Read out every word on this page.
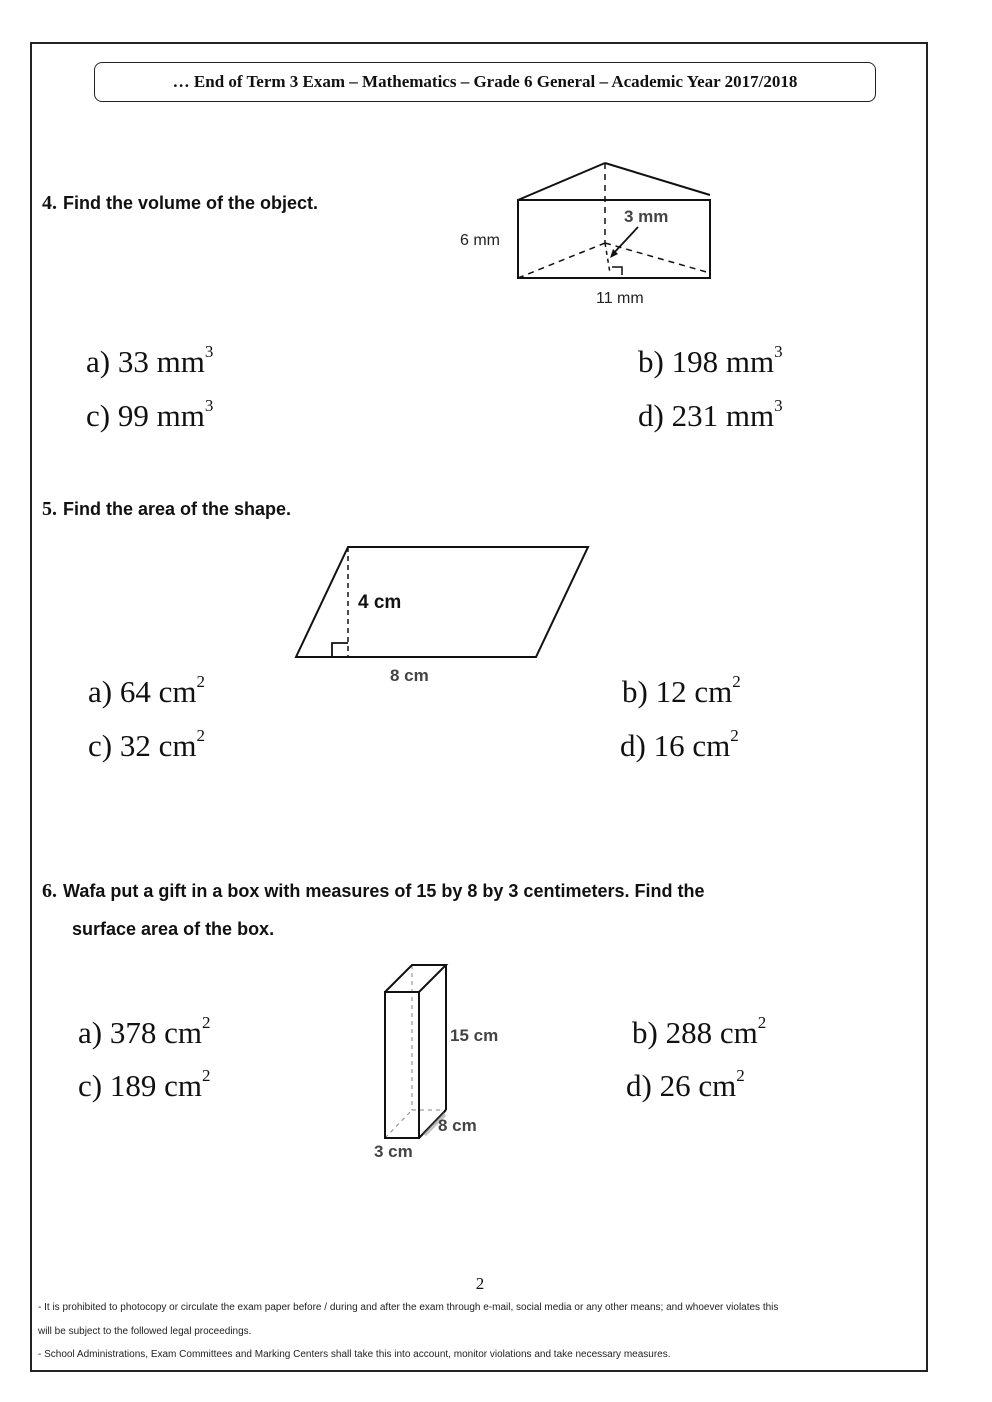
… End of Term 3 Exam – Mathematics – Grade 6 General – Academic Year 2017/2018
4. Find the volume of the object.
3 mm
6 mm
11 mm
a) 33 $mm^3$	b) 198 $mm^3$
c) 99 $mm^3$	d) 231 $mm^3$
5. Find the area of the shape.
4 cm
8 cm
a) 64 $cm^2$	b) 12 $cm^2$
c) 32 $cm^2$	d) 16 $cm^2$
6. Wafa put a gift in a box with measures of 15 by 8 by 3 centimeters. Find the
surface area of the box.
15 cm
8 cm
3 cm
a) 378 $cm^2$	b) 288 $cm^2$
c) 189 $cm^2$	d) 26 $cm^2$
2
- It is prohibited to photocopy or circulate the exam paper before / during and after the exam through e-mail, social media or any other means; and whoever violates this
will be subject to the followed legal proceedings.
- School Administrations, Exam Committees and Marking Centers shall take this into account, monitor violations and take necessary measures.
